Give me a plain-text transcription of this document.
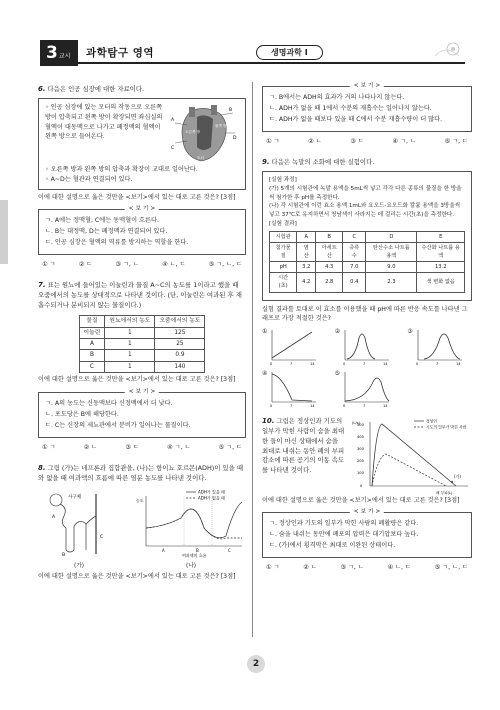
3교시	과학탐구 영역	생명과학 I
6. 다음은 인공 심장에 대한 자료이다.
A
C
B
D
왼쪽 방
오른쪽 방
모터
◦ 인공 심장에 있는 모터의 작동으로 오른쪽 방이 압축되고 왼쪽 방이 확장되면 좌심실의 혈액이 대동맥으로 나가고 폐정맥의 혈액이 왼쪽 방으로 들어온다.
◦ 오른쪽 방과 왼쪽 방의 압축과 확장이 교대로 일어난다.
◦ A~D는 혈관과 연결되어 있다.
이에 대한 설명으로 옳은 것만을 <보기>에서 있는 대로 고른 것은? [3점]
< 보 기 >
ㄱ. A에는 정맥혈, C에는 동맥혈이 흐른다.
ㄴ. B는 대정맥, D는 폐정맥과 연결되어 있다.
ㄷ. 인공 심장은 혈액의 역류를 방지하는 역할을 한다.
① ㄱ	② ㄷ	③ ㄱ, ㄴ	④ ㄴ, ㄷ	⑤ ㄱ, ㄴ, ㄷ
7. 표는 원뇨에 들어있는 이눌린과 물질 A~C의 농도를 1이라고 했을 때 오줌에서의 농도를 상대적으로 나타낸 것이다. (단, 이눌린은 여과된 후 재흡수되거나 분비되지 않는 물질이다.)
물질	원뇨에서의 농도	오줌에서의 농도
이눌린	1	125
A	1	25
B	1	0.9
C	1	140
이에 대한 설명으로 옳은 것만을 <보기>에서 있는 대로 고른 것은? [3점]
< 보 기 >
ㄱ. A의 농도는 신동맥보다 신정맥에서 더 낮다.
ㄴ. 포도당은 B에 해당한다.
ㄷ. C는 신장의 세뇨관에서 분비가 일어나는 물질이다.
① ㄱ	② ㄴ	③ ㄷ	④ ㄱ, ㄴ	⑤ ㄱ, ㄷ
8. 그림 (가)는 네프론과 집합관을, (나)는 항이뇨 호르몬(ADH)이 있을 때와 없을 때 여과액의 흐름에 따른 염분 농도를 나타낸 것이다.
사구체
A
B
C
(가)
ADH가 있을 때
ADH가 없을 때
농도
A	B	C
여과액의 흐름
(나)
이에 대한 설명으로 옳은 것만을 <보기>에서 있는 대로 고른 것은? [3점]
< 보 기 >
ㄱ. B에서는 ADH의 효과가 거의 나타나지 않는다.
ㄴ. ADH가 없을 때 1에서 수분의 재흡수는 일어나지 않는다.
ㄷ. ADH가 없을 때보다 있을 때 C에서 수분 재흡수량이 더 많다.
① ㄱ	② ㄴ	③ ㄷ	④ ㄱ, ㄴ	⑤ ㄱ, ㄷ
9. 다음은 녹말의 소화에 대한 실험이다.
[실험 과정]
(가) 5개의 시험관에 녹말 용액을 5mL씩 넣고 각각 다른 종류의 물질을 한 방울씩 첨가한 후 pH를 측정한다.
(나) 각 시험관에 이런 효소 용액 1mL와 요오드-요오드화 칼륨 용액을 3방울씩 넣고 37℃로 유지하면서 청남색이 사라지는 데 걸리는 시간(초)을 측정한다.
[실험 결과]
시험관	A	B	C	D	E
첨가물질	염산	아세트산	증류수	탄산수소 나트륨 용액	수산화 나트륨 용액
pH	3.2	4.3	7.0	9.0	13.2
시간(초)	4.2	2.8	0.4	2.3	색 변화 없음
실험 결과를 토대로 이 효소를 이용했을 때 pH에 따른 반응 속도를 나타낸 그래프로 가장 적절한 것은?
①
0	7	14
②
0	7	14
③
0	7	14
④
0	7	14
⑤
0	7	14
10. 그림은 정상인과 기도의 일부가 막힌 사람이 숨을 최대한 들이 마신 상태에서 숨을 최대로 내쉬는 동안 폐의 부피 감소에 따른 공기의 이동 속도를 나타낸 것이다.
(가)
정상인
기도의 일부가 막힌 사람
(L/s)
0
100
200
300
400
500
폐 부피(L)
이에 대한 설명으로 옳은 것만을 <보기>에서 있는 대로 고른 것은? [3점]
< 보 기 >
ㄱ. 정상인과 기도의 일부가 막힌 사람의 폐활량은 같다.
ㄴ. 숨을 내쉬는 동안에 폐포의 압력은 대기압보다 높다.
ㄷ. (가)에서 횡격막은 최대로 이완된 상태이다.
① ㄱ	② ㄴ	③ ㄱ, ㄴ	④ ㄴ, ㄷ	⑤ ㄱ, ㄴ, ㄷ
2
